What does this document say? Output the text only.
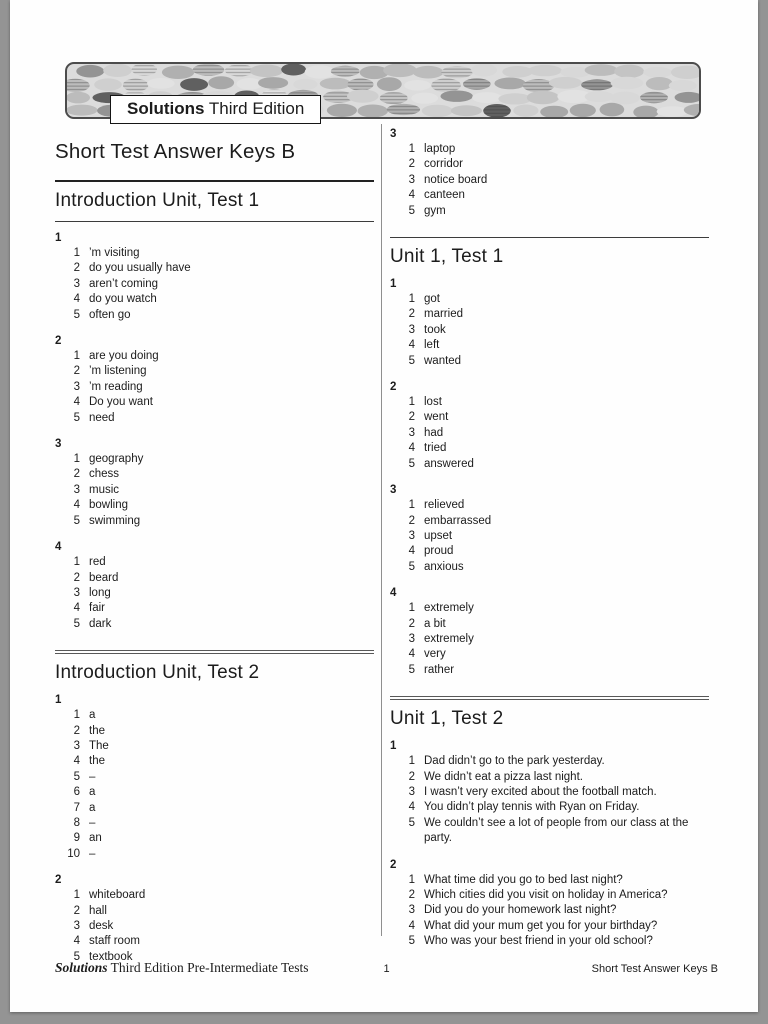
Solutions Third Edition
Short Test Answer Keys B
Introduction Unit, Test 1
1
1 ’m visiting
2 do you usually have
3 aren’t coming
4 do you watch
5 often go
2
1 are you doing
2 ’m listening
3 ’m reading
4 Do you want
5 need
3
1 geography
2 chess
3 music
4 bowling
5 swimming
4
1 red
2 beard
3 long
4 fair
5 dark
Introduction Unit, Test 2
1
1 a
2 the
3 The
4 the
5 –
6 a
7 a
8 –
9 an
10 –
2
1 whiteboard
2 hall
3 desk
4 staff room
5 textbook
3
1 laptop
2 corridor
3 notice board
4 canteen
5 gym
Unit 1, Test 1
1
1 got
2 married
3 took
4 left
5 wanted
2
1 lost
2 went
3 had
4 tried
5 answered
3
1 relieved
2 embarrassed
3 upset
4 proud
5 anxious
4
1 extremely
2 a bit
3 extremely
4 very
5 rather
Unit 1, Test 2
1
1 Dad didn’t go to the park yesterday.
2 We didn’t eat a pizza last night.
3 I wasn’t very excited about the football match.
4 You didn’t play tennis with Ryan on Friday.
5 We couldn’t see a lot of people from our class at the party.
2
1 What time did you go to bed last night?
2 Which cities did you visit on holiday in America?
3 Did you do your homework last night?
4 What did your mum get you for your birthday?
5 Who was your best friend in your old school?
Solutions Third Edition Pre-Intermediate Tests	1	Short Test Answer Keys B
